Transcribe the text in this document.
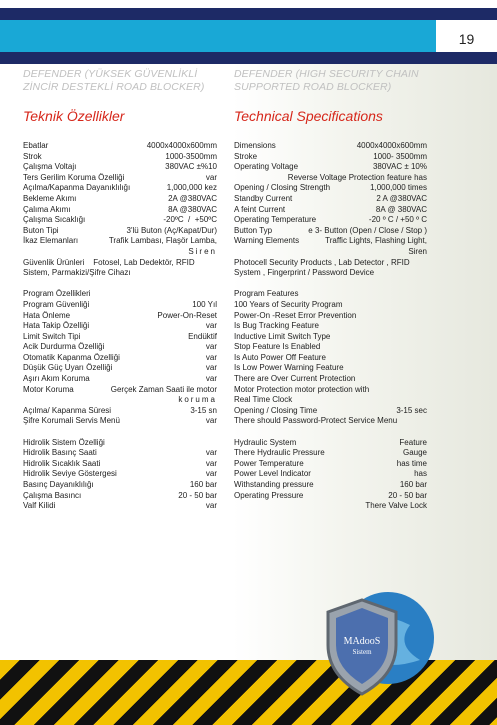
19
DEFENDER (YÜKSEK GÜVENLİKLİ
ZİNCİR DESTEKLİ ROAD BLOCKER)
Teknik Özellikler
Ebatlar	4000x4000x600mm
Strok	1000-3500mm
Çalışma Voltajı	380VAC ±%10
Ters Gerilim Koruma Özelliği	var
Açılma/Kapanma Dayanıklılığı	1,000,000 kez
Bekleme Akımı	2A @380VAC
Çalıma Akımı	8A @380VAC
Çalışma Sıcaklığı	-20ºC  /  +50ºC
Buton Tipi	3'lü Buton (Aç/Kapat/Dur)
İkaz Elemanları	Trafik Lambası, Flaşör Lamba,
Siren
Güvenlik Ürünleri    Fotosel, Lab Dedektör, RFID
Sistem, Parmakizi/Şifre Cihazı
Program Özellikleri
Program Güvenliği	100 Yıl
Hata Önleme	Power-On-Reset
Hata Takip Özelliği	var
Limit Switch Tipi	Endüktif
Acik Durdurma Özelliği	var
Otomatik Kapanma Özelliği	var
Düşük Güç Uyarı Özelliği	var
Aşırı Akım Koruma	var
Motor Koruma	Gerçek Zaman Saati ile motor
koruma
Açılma/ Kapanma Süresi	3-15 sn
Şifre Korumali Servis Menü	var
Hidrolik Sistem Özelliği
Hidrolik Basınç Saati	var
Hidrolik Sıcaklık Saati	var
Hidrolik Seviye Göstergesi	var
Basınç Dayanıklılığı	160 bar
Çalışma Basıncı	20 - 50 bar
Valf Kilidi	var
DEFENDER (HIGH SECURITY CHAIN
SUPPORTED ROAD BLOCKER)
Technical Specifications
Dimensions	4000x4000x600mm
Stroke	1000- 3500mm
Operating Voltage	380VAC ± 10%
Reverse Voltage Protection feature has
Opening / Closing Strength	1,000,000 times
Standby Current	2 A @380VAC
A feint Current	8A @ 380VAC
Operating Temperature	-20 º C / +50 º C
Button Typ	e 3- Button (Open / Close / Stop )
Warning Elements	Traffic Lights, Flashing Light,
Siren
Photocell Security Products , Lab Detector , RFID
System , Fingerprint / Password Device
Program Features
100 Years of Security Program
Power-On -Reset Error Prevention
Is Bug Tracking Feature
Inductive Limit Switch Type
Stop Feature Is Enabled
Is Auto Power Off Feature
Is Low Power Warning Feature
There are Over Current Protection
Motor Protection motor protection with
Real Time Clock
Opening / Closing Time	3-15 sec
There should Password-Protect Service Menu
Hydraulic System	Feature
There Hydraulic Pressure	Gauge
Power Temperature	has time
Power Level Indicator	has
Withstanding pressure	160 bar
Operating Pressure	20 - 50 bar
There Valve Lock
MAdooS
Sistem
